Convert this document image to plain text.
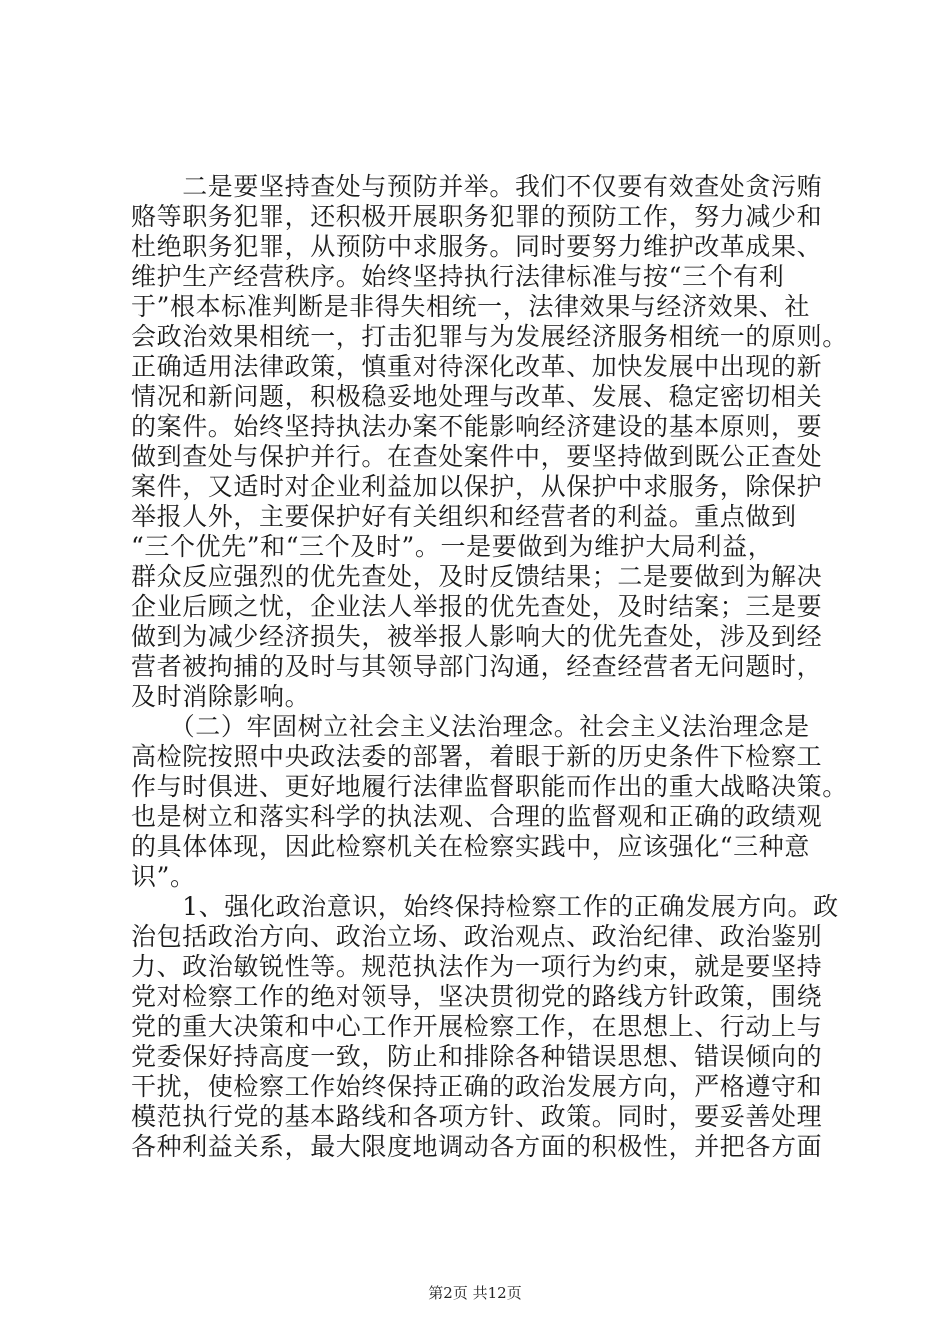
　　二是要坚持查处与预防并举。我们不仅要有效查处贪污贿
赂等职务犯罪，还积极开展职务犯罪的预防工作，努力减少和
杜绝职务犯罪，从预防中求服务。同时要努力维护改革成果、
维护生产经营秩序。始终坚持执行法律标准与按“三个有利
于”根本标准判断是非得失相统一，法律效果与经济效果、社
会政治效果相统一，打击犯罪与为发展经济服务相统一的原则。
正确适用法律政策，慎重对待深化改革、加快发展中出现的新
情况和新问题，积极稳妥地处理与改革、发展、稳定密切相关
的案件。始终坚持执法办案不能影响经济建设的基本原则，要
做到查处与保护并行。在查处案件中，要坚持做到既公正查处
案件，又适时对企业利益加以保护，从保护中求服务，除保护
举报人外，主要保护好有关组织和经营者的利益。重点做到
“三个优先”和“三个及时”。一是要做到为维护大局利益，
群众反应强烈的优先查处，及时反馈结果；二是要做到为解决
企业后顾之忧，企业法人举报的优先查处，及时结案；三是要
做到为减少经济损失，被举报人影响大的优先查处，涉及到经
营者被拘捕的及时与其领导部门沟通，经查经营者无问题时，
及时消除影响。
　　（二）牢固树立社会主义法治理念。社会主义法治理念是
高检院按照中央政法委的部署，着眼于新的历史条件下检察工
作与时俱进、更好地履行法律监督职能而作出的重大战略决策。
也是树立和落实科学的执法观、合理的监督观和正确的政绩观
的具体体现，因此检察机关在检察实践中，应该强化“三种意
识”。
　　1、强化政治意识，始终保持检察工作的正确发展方向。政
治包括政治方向、政治立场、政治观点、政治纪律、政治鉴别
力、政治敏锐性等。规范执法作为一项行为约束，就是要坚持
党对检察工作的绝对领导，坚决贯彻党的路线方针政策，围绕
党的重大决策和中心工作开展检察工作，在思想上、行动上与
党委保好持高度一致，防止和排除各种错误思想、错误倾向的
干扰，使检察工作始终保持正确的政治发展方向，严格遵守和
模范执行党的基本路线和各项方针、政策。同时，要妥善处理
各种利益关系，最大限度地调动各方面的积极性，并把各方面
第2页 共12页
